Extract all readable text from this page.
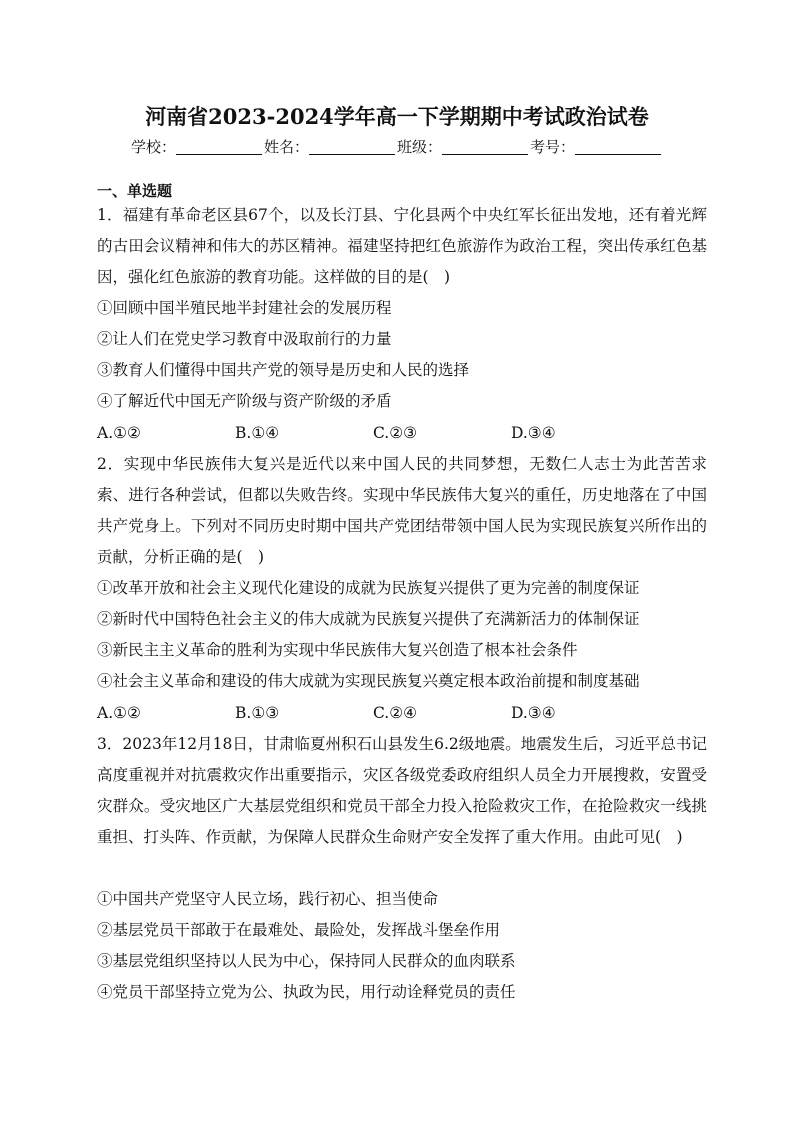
河南省2023-2024学年高一下学期期中考试政治试卷
学校：	姓名：	班级：	考号：
一、单选题
1．福建有革命老区县67个，以及长汀县、宁化县两个中央红军长征出发地，还有着光辉的古田会议精神和伟大的苏区精神。福建坚持把红色旅游作为政治工程，突出传承红色基因，强化红色旅游的教育功能。这样做的目的是(　)
①回顾中国半殖民地半封建社会的发展历程
②让人们在党史学习教育中汲取前行的力量
③教育人们懂得中国共产党的领导是历史和人民的选择
④了解近代中国无产阶级与资产阶级的矛盾
A.①②	B.①④	C.②③	D.③④
2．实现中华民族伟大复兴是近代以来中国人民的共同梦想，无数仁人志士为此苦苦求索、进行各种尝试，但都以失败告终。实现中华民族伟大复兴的重任，历史地落在了中国共产党身上。下列对不同历史时期中国共产党团结带领中国人民为实现民族复兴所作出的贡献，分析正确的是(　)
①改革开放和社会主义现代化建设的成就为民族复兴提供了更为完善的制度保证
②新时代中国特色社会主义的伟大成就为民族复兴提供了充满新活力的体制保证
③新民主主义革命的胜利为实现中华民族伟大复兴创造了根本社会条件
④社会主义革命和建设的伟大成就为实现民族复兴奠定根本政治前提和制度基础
A.①②	B.①③	C.②④	D.③④
3．2023年12月18日，甘肃临夏州积石山县发生6.2级地震。地震发生后，习近平总书记高度重视并对抗震救灾作出重要指示，灾区各级党委政府组织人员全力开展搜救，安置受灾群众。受灾地区广大基层党组织和党员干部全力投入抢险救灾工作，在抢险救灾一线挑重担、打头阵、作贡献，为保障人民群众生命财产安全发挥了重大作用。由此可见(　)
①中国共产党坚守人民立场，践行初心、担当使命
②基层党员干部敢于在最难处、最险处，发挥战斗堡垒作用
③基层党组织坚持以人民为中心，保持同人民群众的血肉联系
④党员干部坚持立党为公、执政为民，用行动诠释党员的责任
